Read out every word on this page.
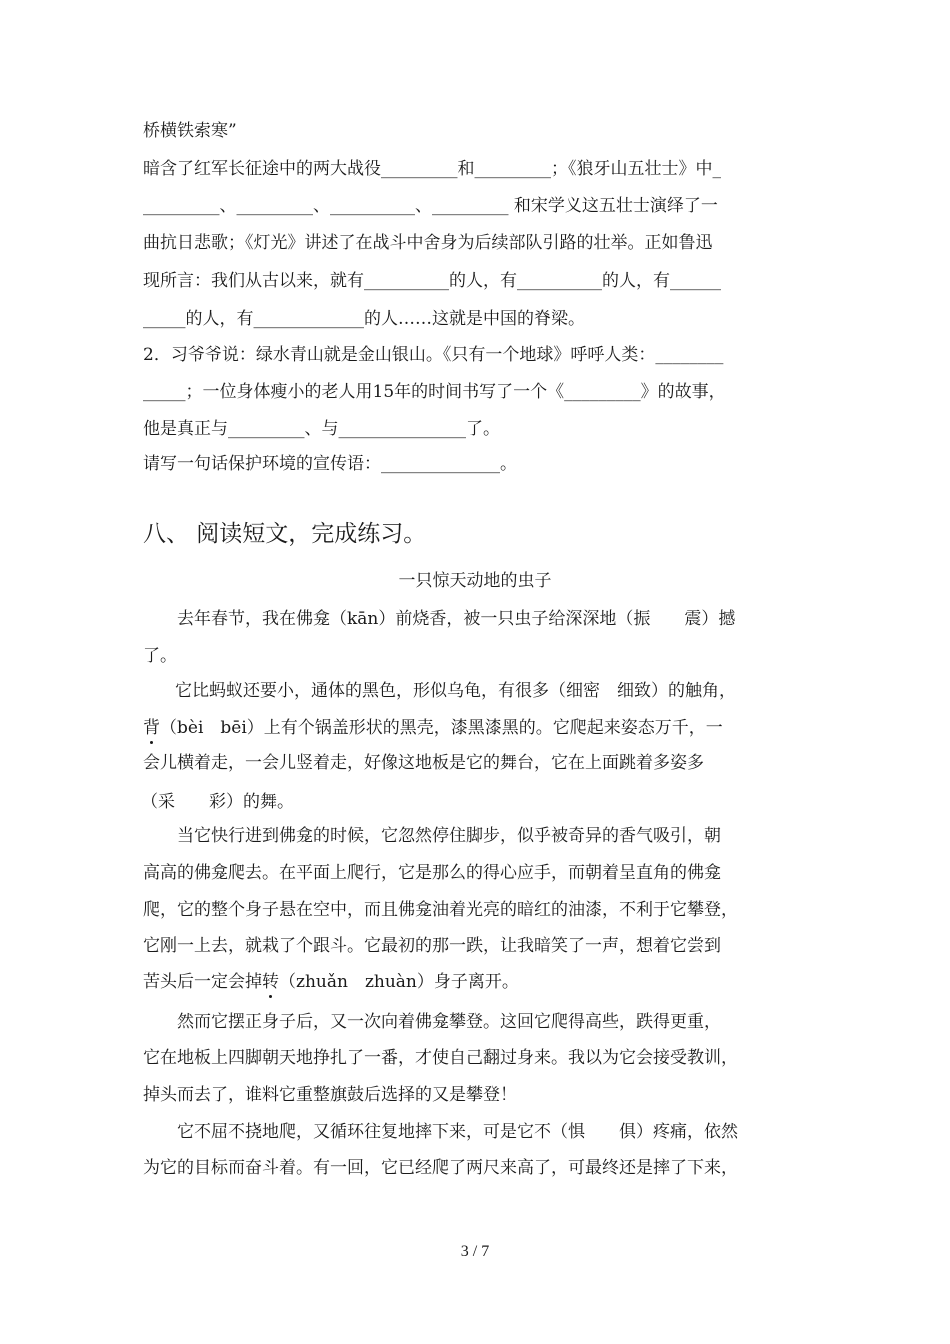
桥横铁索寒”
暗含了红军长征途中的两大战役_________和_________；《狼牙山五壮士》中_
_________、_________、__________、_________ 和宋学义这五壮士演绎了一
曲抗日悲歌；《灯光》讲述了在战斗中舍身为后续部队引路的壮举。正如鲁迅
现所言：我们从古以来，就有__________的人，有__________的人，有______
_____的人，有_____________的人……这就是中国的脊梁。
2．习爷爷说：绿水青山就是金山银山。《只有一个地球》呼呼人类：________
_____；一位身体瘦小的老人用15年的时间书写了一个《_________》的故事，
他是真正与_________、与_______________了。
请写一句话保护环境的宣传语：______________。
八、 阅读短文，完成练习。
一只惊天动地的虫子
去年春节，我在佛龛（kān）前烧香，被一只虫子给深深地（振　　震）撼
了。
它比蚂蚁还要小，通体的黑色，形似乌龟，有很多（细密　细致）的触角，
背（bèi　bēi）上有个锅盖形状的黑壳，漆黑漆黑的。它爬起来姿态万千，一
会儿横着走，一会儿竖着走，好像这地板是它的舞台，它在上面跳着多姿多
（采　　彩）的舞。
当它快行进到佛龛的时候，它忽然停住脚步，似乎被奇异的香气吸引，朝
高高的佛龛爬去。在平面上爬行，它是那么的得心应手，而朝着呈直角的佛龛
爬，它的整个身子悬在空中，而且佛龛油着光亮的暗红的油漆，不利于它攀登，
它刚一上去，就栽了个跟斗。它最初的那一跌，让我暗笑了一声，想着它尝到
苦头后一定会掉转（zhuǎn　zhuàn）身子离开。
然而它摆正身子后，又一次向着佛龛攀登。这回它爬得高些，跌得更重，
它在地板上四脚朝天地挣扎了一番，才使自己翻过身来。我以为它会接受教训，
掉头而去了，谁料它重整旗鼓后选择的又是攀登！
它不屈不挠地爬，又循环往复地摔下来，可是它不（惧　　俱）疼痛，依然
为它的目标而奋斗着。有一回，它已经爬了两尺来高了，可最终还是摔了下来，
3 / 7
